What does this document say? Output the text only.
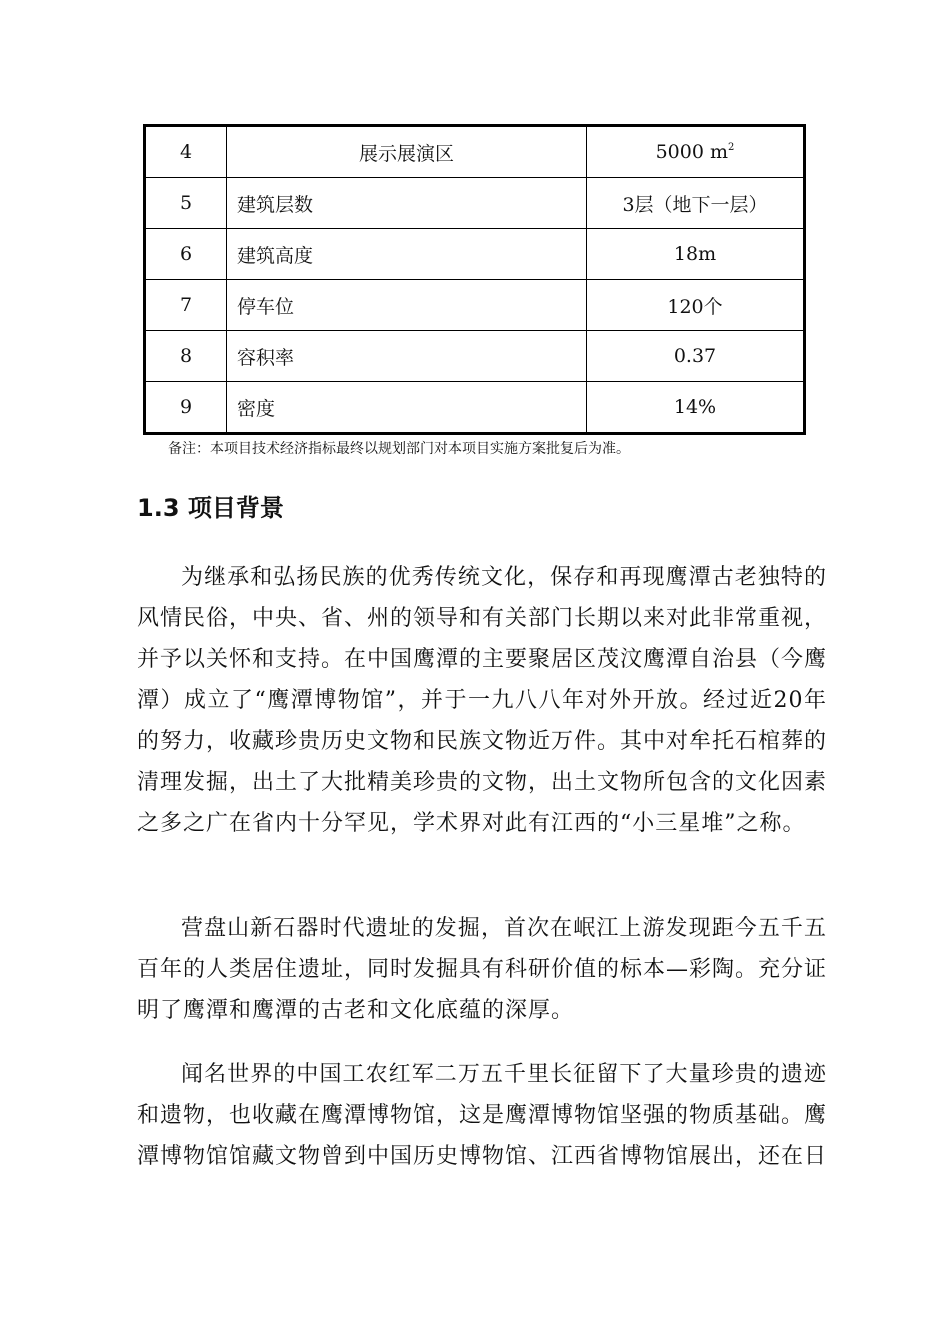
4	展示展演区	5000 $m^2$
5	建筑层数	3层（地下一层）
6	建筑高度	18m
7	停车位	120个
8	容积率	0.37
9	密度	14%
备注：本项目技术经济指标最终以规划部门对本项目实施方案批复后为准。
1.3 项目背景

为继承和弘扬民族的优秀传统文化，保存和再现鹰潭古老独特的风情民俗，中央、省、州的领导和有关部门长期以来对此非常重视，并予以关怀和支持。在中国鹰潭的主要聚居区茂汶鹰潭自治县（今鹰潭）成立了“鹰潭博物馆”，并于一九八八年对外开放。经过近20年的努力，收藏珍贵历史文物和民族文物近万件。其中对牟托石棺葬的清理发掘，出土了大批精美珍贵的文物，出土文物所包含的文化因素之多之广在省内十分罕见，学术界对此有江西的“小三星堆”之称。

营盘山新石器时代遗址的发掘，首次在岷江上游发现距今五千五百年的人类居住遗址，同时发掘具有科研价值的标本—彩陶。充分证明了鹰潭和鹰潭的古老和文化底蕴的深厚。

闻名世界的中国工农红军二万五千里长征留下了大量珍贵的遗迹和遗物，也收藏在鹰潭博物馆，这是鹰潭博物馆坚强的物质基础。鹰潭博物馆馆藏文物曾到中国历史博物馆、江西省博物馆展出，还在日
